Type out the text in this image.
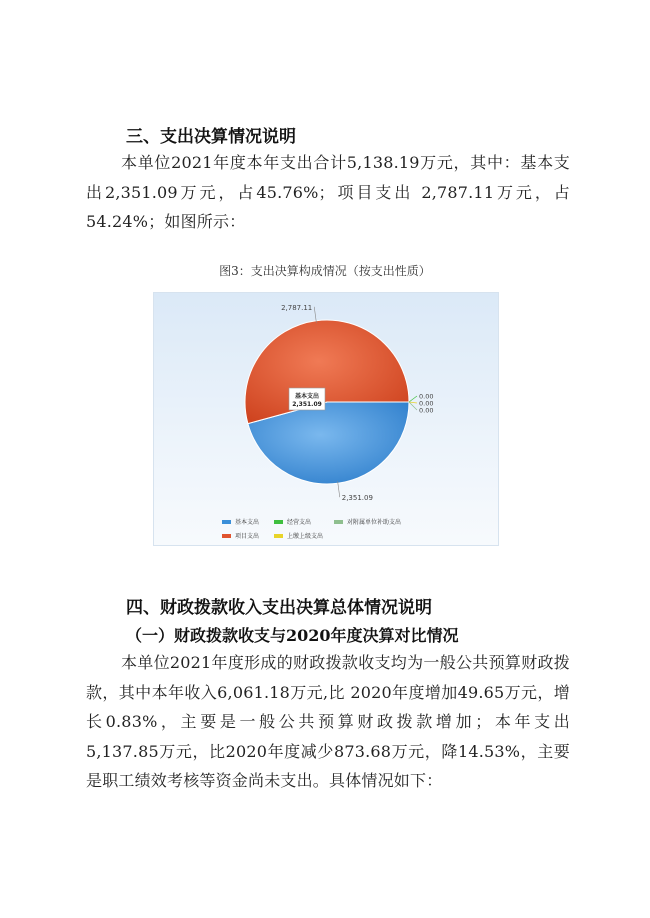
三、支出决算情况说明

本单位2021年度本年支出合计5,138.19万元，其中：基本支出2,351.09万元，占45.76%；项目支出 2,787.11万元，占54.24%；如图所示：

图3：支出决算构成情况（按支出性质）
2,351.09
2,787.11
0.00
0.00
0.00
基本支出
2,351.09
基本支出	经营支出	对附属单位补助支出
项目支出	上缴上级支出
四、财政拨款收入支出决算总体情况说明
（一）财政拨款收支与2020年度决算对比情况

本单位2021年度形成的财政拨款收支均为一般公共预算财政拨款，其中本年收入6,061.18万元,比 2020年度增加49.65万元，增长0.83%，主要是一般公共预算财政拨款增加；本年支出 5,137.85万元，比2020年度减少873.68万元，降14.53%，主要是职工绩效考核等资金尚未支出。具体情况如下：
